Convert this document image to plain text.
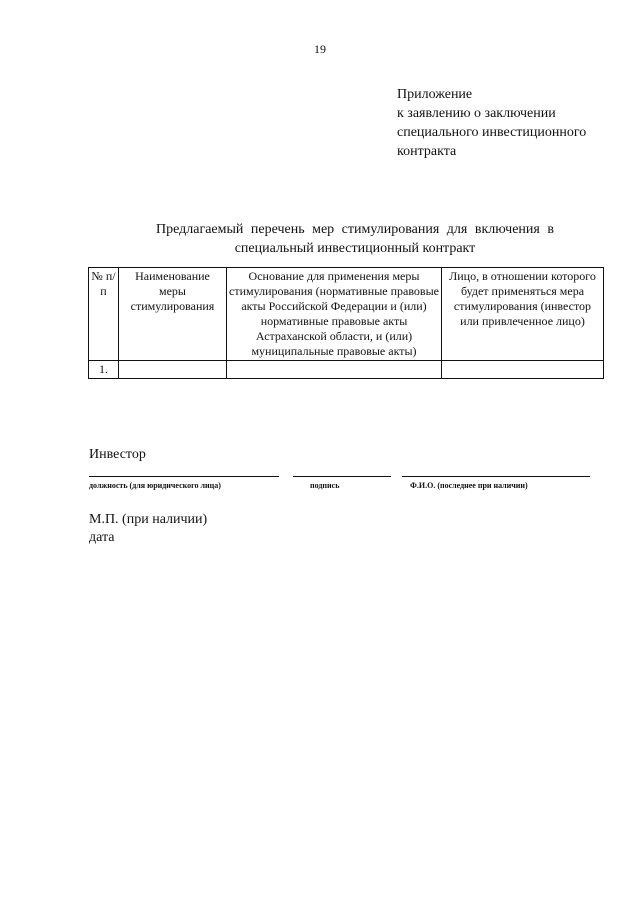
19
Приложение
к заявлению о заключении
специального инвестиционного
контракта
Предлагаемый перечень мер стимулирования для включения в
специальный инвестиционный контракт
№ п/п	Наименование меры стимулирования	Основание для применения меры стимулирования (нормативные правовые акты Российской Федерации и (или) нормативные правовые акты Астраханской области, и (или) муниципальные правовые акты)	Лицо, в отношении которого будет применяться мера стимулирования (инвестор или привлеченное лицо)
1.			
Инвестор
должность (для юридического лица)	подпись	Ф.И.О. (последнее при наличии)
М.П. (при наличии)
дата
